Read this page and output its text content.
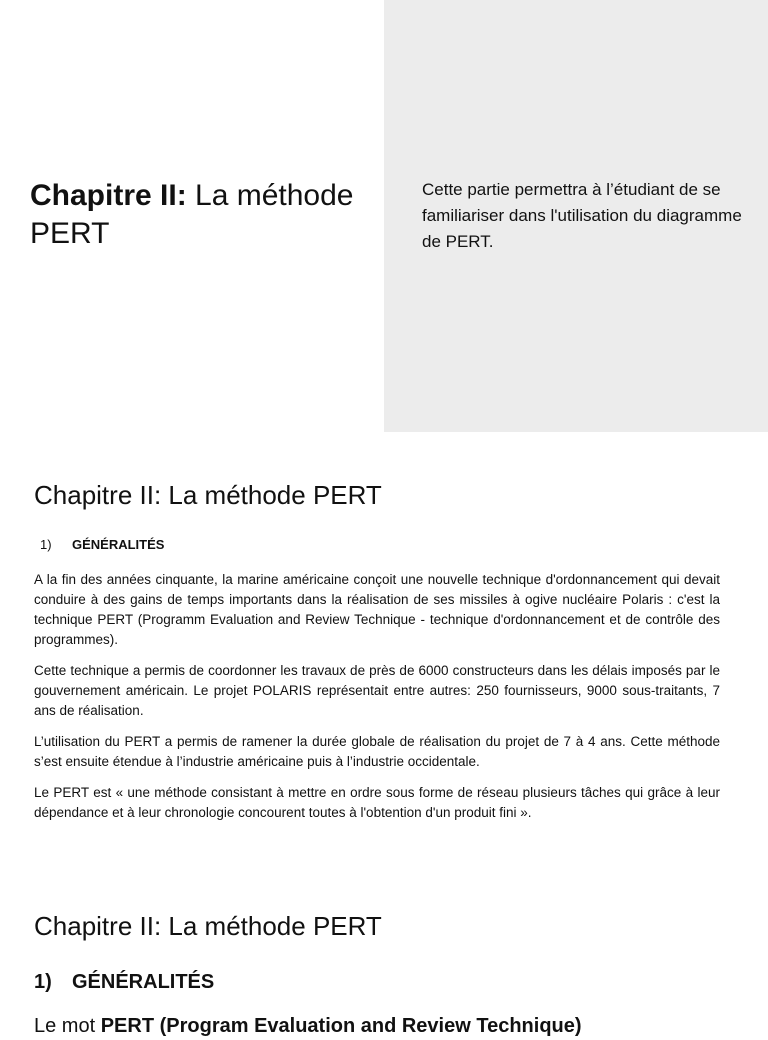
Chapitre II: La méthode PERT
Cette partie permettra à l’étudiant de se familiariser dans l'utilisation du diagramme de PERT.
Chapitre II: La méthode PERT
1) GÉNÉRALITÉS

A la fin des années cinquante, la marine américaine conçoit une nouvelle technique d'ordonnancement qui devait conduire à des gains de temps importants dans la réalisation de ses missiles à ogive nucléaire Polaris : c'est la technique PERT (Programm Evaluation and Review Technique - technique d'ordonnancement et de contrôle des programmes).

Cette technique a permis de coordonner les travaux de près de 6000 constructeurs dans les délais imposés par le gouvernement américain. Le projet POLARIS représentait entre autres: 250 fournisseurs, 9000 sous-traitants, 7 ans de réalisation.

L’utilisation du PERT a permis de ramener la durée globale de réalisation du projet de 7 à 4 ans. Cette méthode s’est ensuite étendue à l’industrie américaine puis à l’industrie occidentale.

Le PERT est « une méthode consistant à mettre en ordre sous forme de réseau plusieurs tâches qui grâce à leur dépendance et à leur chronologie concourent toutes à l'obtention d'un produit fini ».

Chapitre II: La méthode PERT
1) GÉNÉRALITÉS
Le mot PERT (Program Evaluation and Review Technique)
